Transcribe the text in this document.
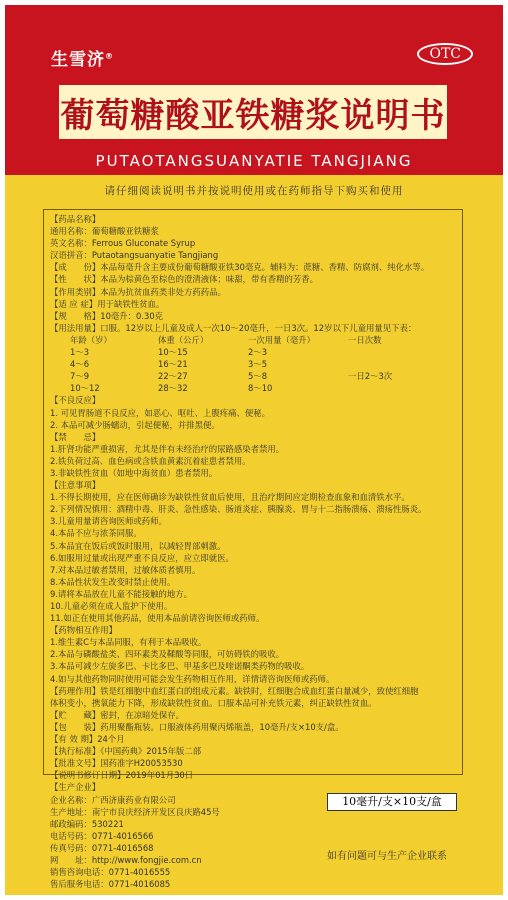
生雪济®	OTC
葡萄糖酸亚铁糖浆说明书
PUTAOTANGSUANYATIE TANGJIANG
请仔细阅读说明书并按说明使用或在药师指导下购买和使用
【药品名称】
通用名称：葡萄糖酸亚铁糖浆
英文名称：Ferrous Gluconate Syrup
汉语拼音：Putaotangsuanyatie Tangjiang
【成　　份】本品每毫升含主要成份葡萄糖酸亚铁30毫克。辅料为：蔗糖、香精、防腐剂、纯化水等。
【性　　状】本品为棕黄色至棕色的澄清液体；味甜，带有香精的芳香。
【作用类别】本品为抗贫血药类非处方药药品。
【适 应 症】用于缺铁性贫血。
【规　　格】10毫升：0.30克
【用法用量】口服。12岁以上儿童及成人一次10～20毫升，一日3次。12岁以下儿童用量见下表：
年龄（岁）	体重（公斤）	一次用量（毫升）	一日次数
1～3	10～15	2～3
4～6	16～21	3～5
7～9	22～27	5～8	一日2～3次
10～12	28～32	8～10
【不良反应】
1. 可见胃肠道不良反应，如恶心、呕吐、上腹疼痛、便秘。
2. 本品可减少肠蠕动，引起便秘，并排黑便。
【禁　　忌】
1.肝肾功能严重损害，尤其是伴有未经治疗的尿路感染者禁用。
2.铁负荷过高、血色病或含铁血黄素沉着症患者禁用。
3.非缺铁性贫血（如地中海贫血）患者禁用。
【注意事项】
1.不得长期使用，应在医师确诊为缺铁性贫血后使用，且治疗期间应定期检查血象和血清铁水平。
2.下列情况慎用：酒精中毒、肝炎、急性感染、肠道炎症、胰腺炎、胃与十二指肠溃疡、溃疡性肠炎。
3.儿童用量请咨询医师或药师。
4.本品不应与浓茶同服。
5.本品宜在饭后或饭时服用，以减轻胃部刺激。
6.如服用过量或出现严重不良反应，应立即就医。
7.对本品过敏者禁用，过敏体质者慎用。
8.本品性状发生改变时禁止使用。
9.请将本品放在儿童不能接触的地方。
10.儿童必须在成人监护下使用。
11.如正在使用其他药品，使用本品前请咨询医师或药师。
【药物相互作用】
1.维生素C与本品同服，有利于本品吸收。
2.本品与磷酸盐类、四环素类及鞣酸等同服，可妨碍铁的吸收。
3.本品可减少左旋多巴、卡比多巴、甲基多巴及喹诺酮类药物的吸收。
4.如与其他药物同时使用可能会发生药物相互作用，详情请咨询医师或药师。
【药理作用】铁是红细胞中血红蛋白的组成元素。缺铁时，红细胞合成血红蛋白量减少，致使红细胞
体积变小，携氧能力下降，形成缺铁性贫血。口服本品可补充铁元素，纠正缺铁性贫血。
【贮　　藏】密封，在凉暗处保存。
【包　　装】药用聚酯瓶装。口服液体药用聚丙烯瓶盖，10毫升/支×10支/盒。
【有 效 期】24个月
【执行标准】《中国药典》2015年版二部
【批准文号】国药准字H20053530
【说明书修订日期】2019年01月30日
【生产企业】
企业名称：广西济康药业有限公司
生产地址：南宁市良庆经济开发区良庆路45号
邮政编码：530221
电话号码：0771-4016566
传真号码：0771-4016568
网　　址：http://www.fongjie.com.cn
销售咨询电话：0771-4016555
售后服务电话：0771-4016085
10毫升/支×10支/盒
如有问题可与生产企业联系
